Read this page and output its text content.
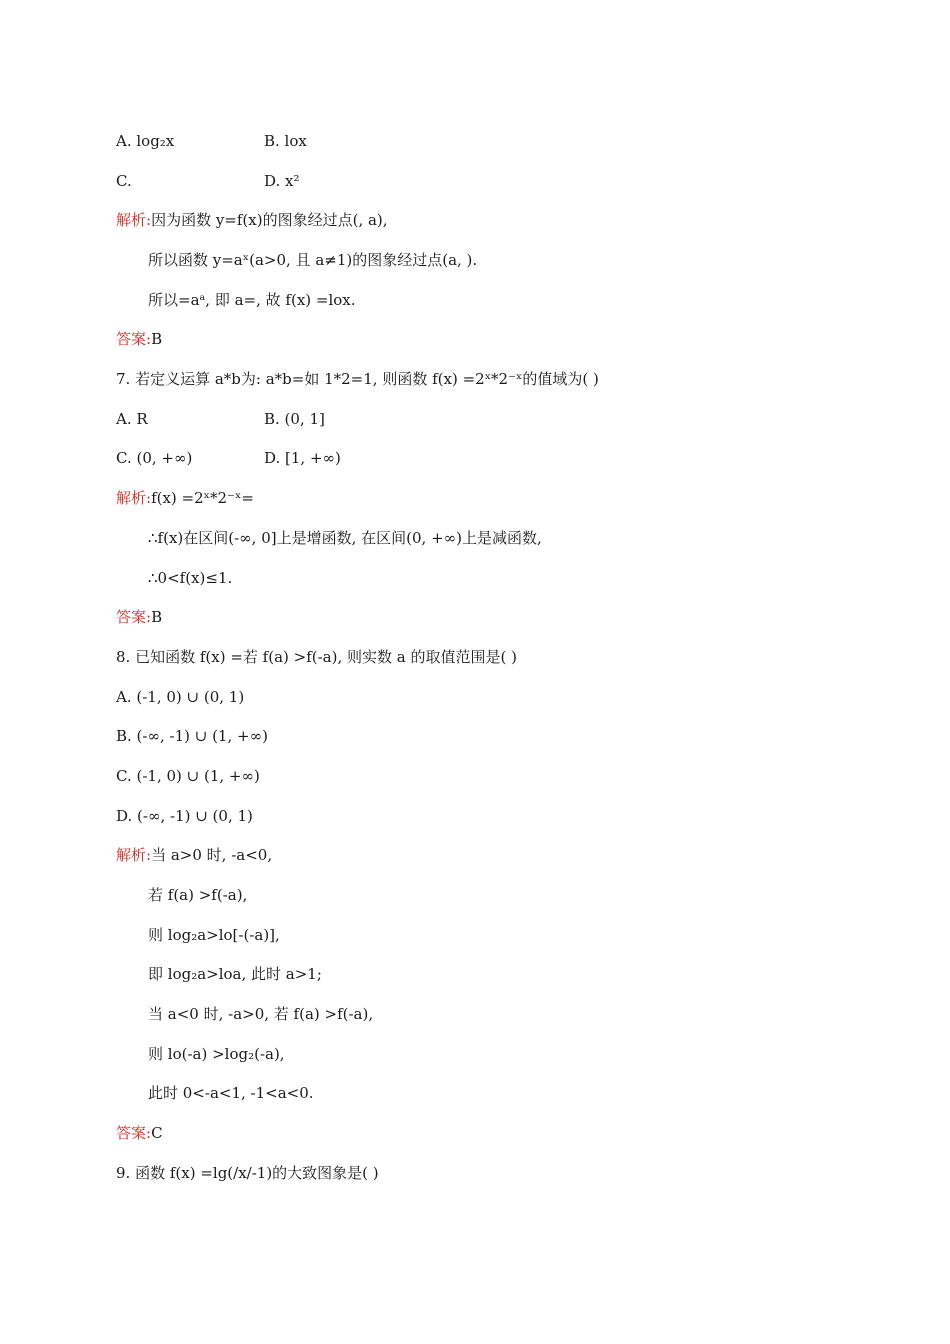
A. log₂x	B. lox
C.	D. x²
解析:因为函数 y=f(x)的图象经过点(, a),
所以函数 y=aˣ(a>0, 且 a≠1)的图象经过点(a, ).
所以=aᵃ, 即 a=, 故 f(x) =lox.
答案:B
7. 若定义运算 a*b为: a*b=如 1*2=1, 则函数 f(x) =2ˣ*2⁻ˣ的值域为( )
A. R	B. (0, 1]
C. (0, +∞)	D. [1, +∞)
解析:f(x) =2ˣ*2⁻ˣ=
∴f(x)在区间(-∞, 0]上是增函数, 在区间(0, +∞)上是减函数,
∴0<f(x)≤1.
答案:B
8. 已知函数 f(x) =若 f(a) >f(-a), 则实数 a 的取值范围是( )
A. (-1, 0) ∪ (0, 1)
B. (-∞, -1) ∪ (1, +∞)
C. (-1, 0) ∪ (1, +∞)
D. (-∞, -1) ∪ (0, 1)
解析:当 a>0 时, -a<0,
若 f(a) >f(-a),
则 log₂a>lo[-(-a)],
即 log₂a>loa, 此时 a>1;
当 a<0 时, -a>0, 若 f(a) >f(-a),
则 lo(-a) >log₂(-a),
此时 0<-a<1, -1<a<0.
答案:C
9. 函数 f(x) =lg(/x/-1)的大致图象是( )
